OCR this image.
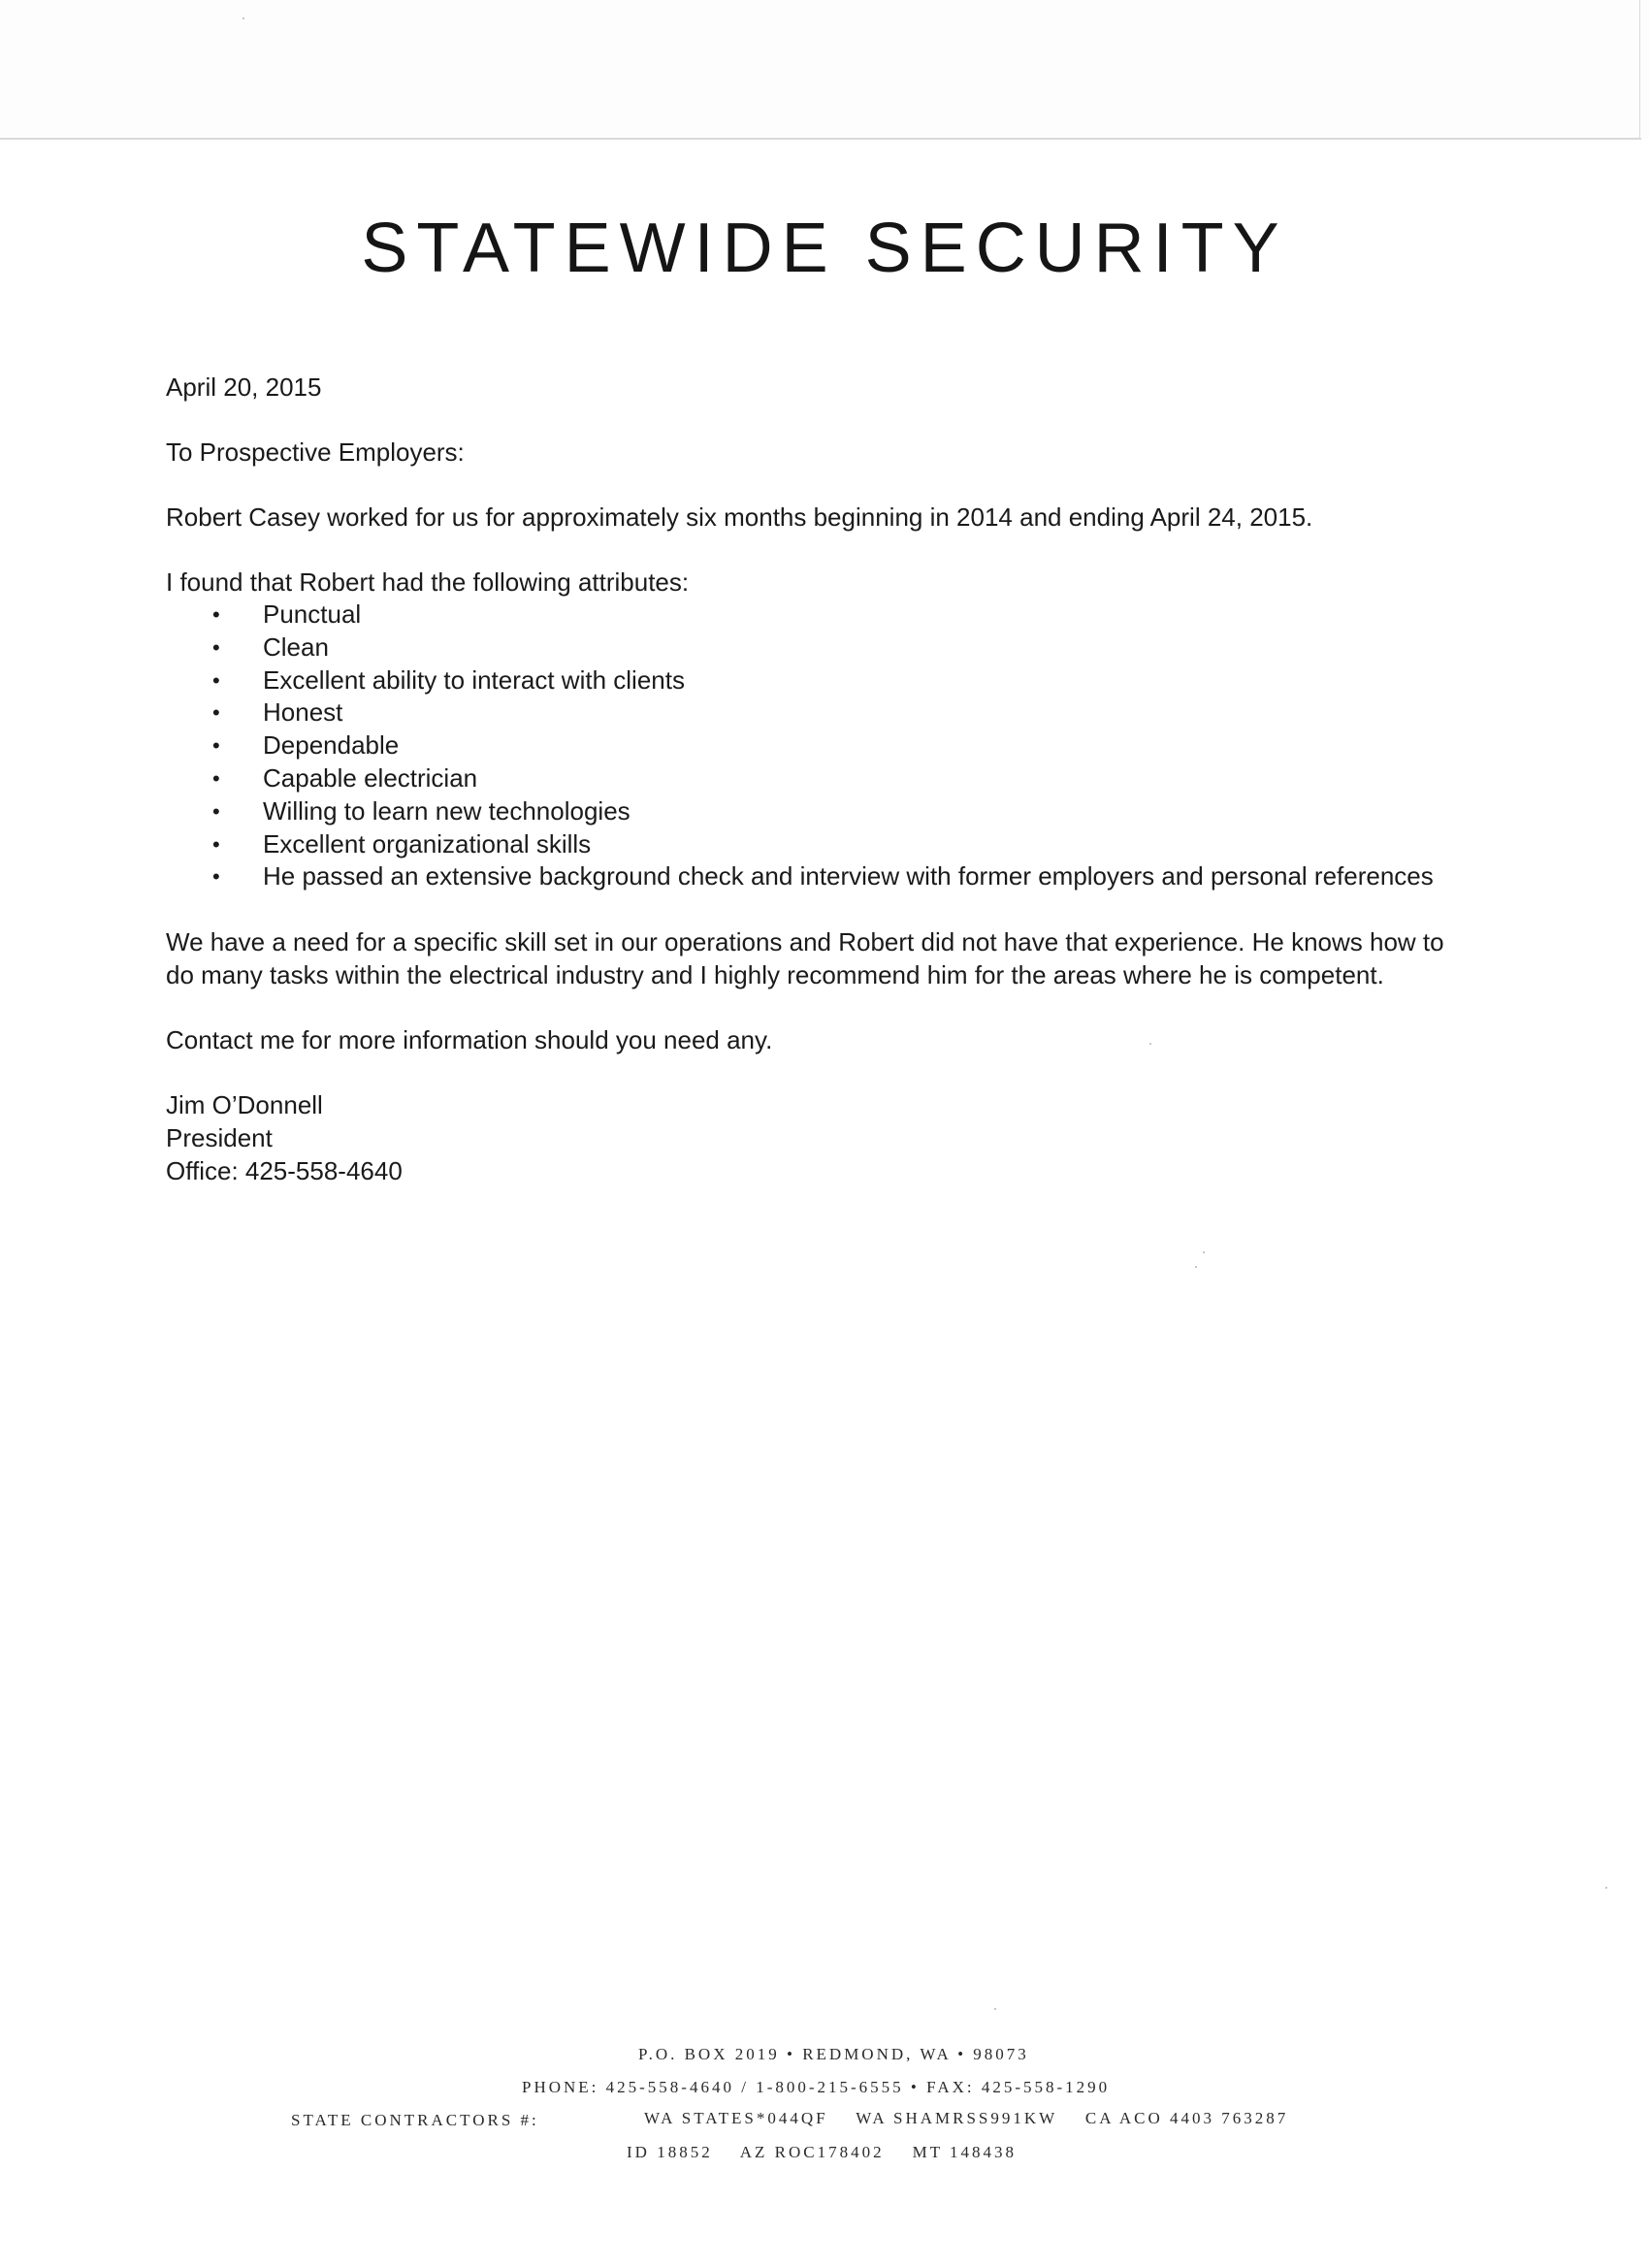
STATEWIDE SECURITY

April 20, 2015

To Prospective Employers:

Robert Casey worked for us for approximately six months beginning in 2014 and ending April 24, 2015.

I found that Robert had the following attributes:

• Punctual
• Clean
• Excellent ability to interact with clients
• Honest
• Dependable
• Capable electrician
• Willing to learn new technologies
• Excellent organizational skills
• He passed an extensive background check and interview with former employers and personal references

We have a need for a specific skill set in our operations and Robert did not have that experience. He knows how to

do many tasks within the electrical industry and I highly recommend him for the areas where he is competent.

Contact me for more information should you need any.

Jim O’Donnell

President

Office: 425-558-4640

P.O. BOX 2019 • REDMOND, WA • 98073
PHONE: 425-558-4640 / 1-800-215-6555 • FAX: 425-558-1290
STATE CONTRACTORS #:	WA STATES*044QF    WA SHAMRSS991KW    CA ACO 4403 763287
ID 18852    AZ ROC178402    MT 148438
